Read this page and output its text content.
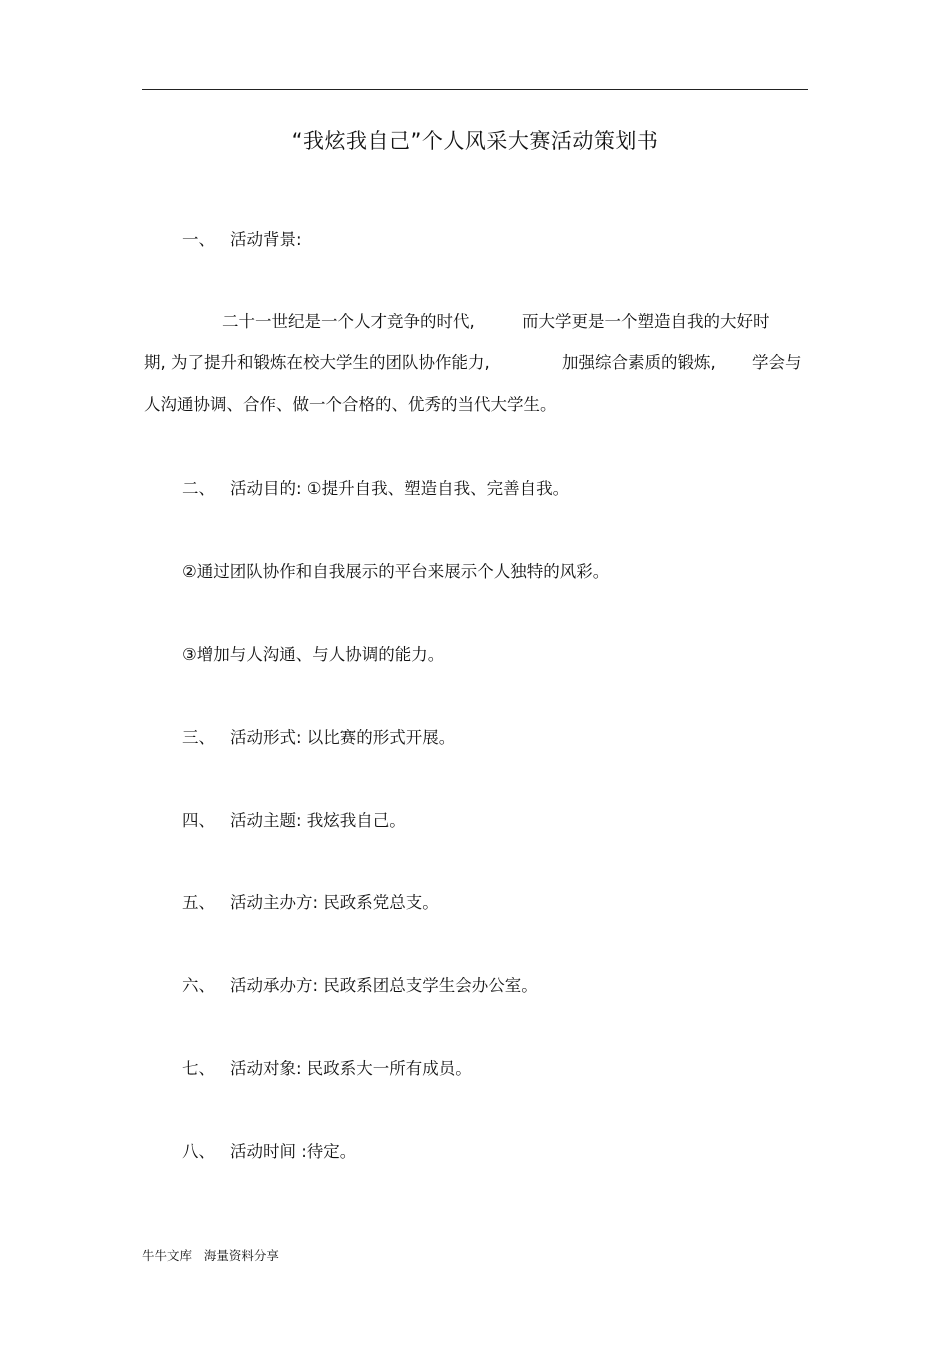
“我炫我自己”个人风采大赛活动策划书
一、 活动背景:
二十一世纪是一个人才竞争的时代,	而大学更是一个塑造自我的大好时
期, 为了提升和锻炼在校大学生的团队协作能力,	加强综合素质的锻炼, 学会与
人沟通协调、合作、做一个合格的、优秀的当代大学生。
二、 活动目的: ①提升自我、塑造自我、完善自我。
②通过团队协作和自我展示的平台来展示个人独特的风彩。
③增加与人沟通、与人协调的能力。
三、 活动形式: 以比赛的形式开展。
四、 活动主题: 我炫我自己。
五、 活动主办方: 民政系党总支。
六、 活动承办方: 民政系团总支学生会办公室。
七、 活动对象: 民政系大一所有成员。
八、 活动时间 :待定。
牛牛文库   海量资料分享
